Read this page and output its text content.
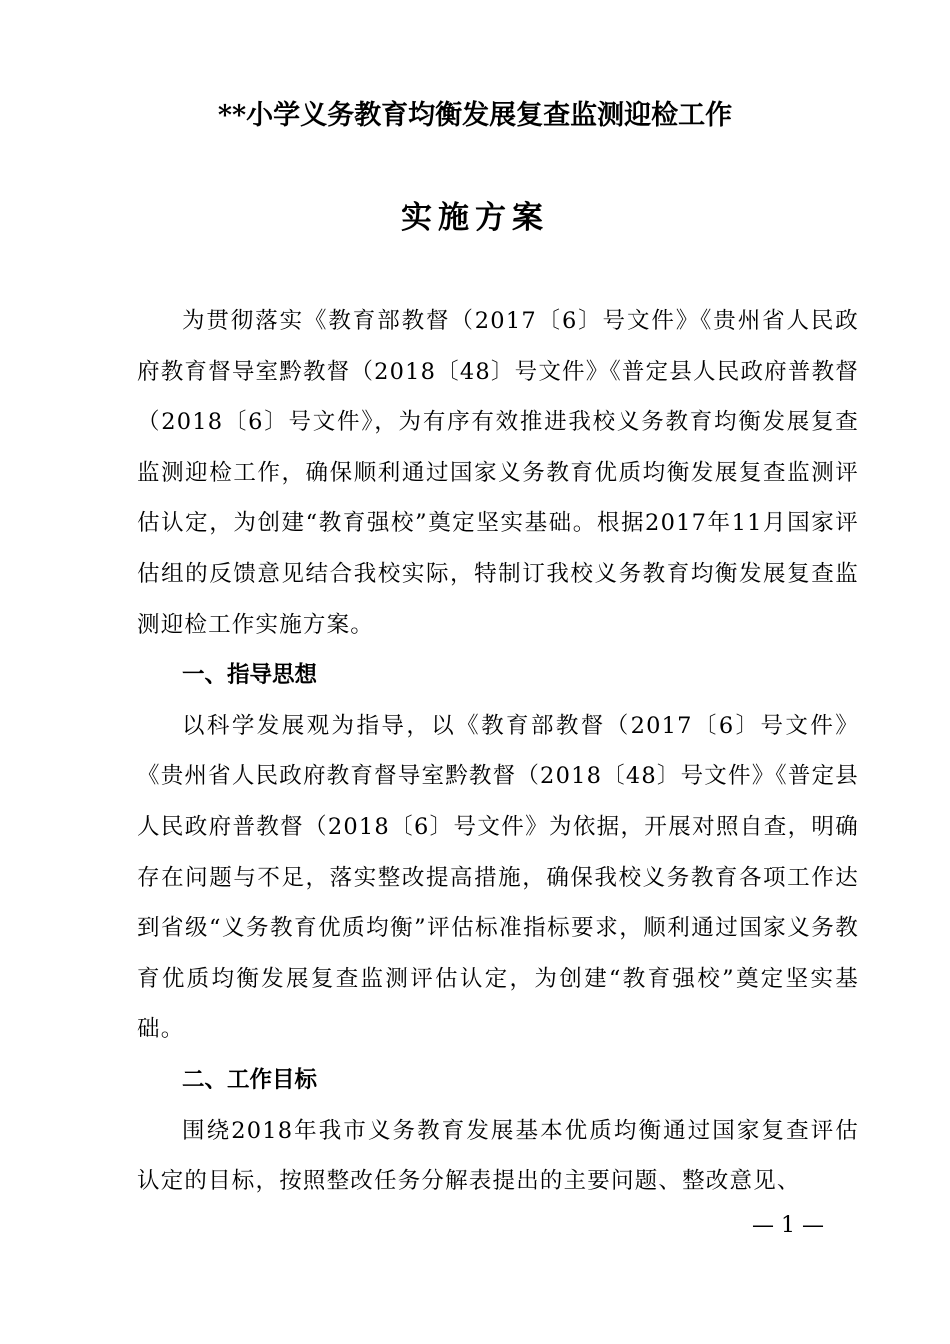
**小学义务教育均衡发展复查监测迎检工作
实施方案

为贯彻落实《教育部教督（2017〔6〕号文件》《贵州省人民政府教育督导室黔教督（2018〔48〕号文件》《普定县人民政府普教督（2018〔6〕号文件》，为有序有效推进我校义务教育均衡发展复查监测迎检工作，确保顺利通过国家义务教育优质均衡发展复查监测评估认定，为创建“教育强校”奠定坚实基础。根据2017年11月国家评估组的反馈意见结合我校实际，特制订我校义务教育均衡发展复查监测迎检工作实施方案。

一、指导思想

以科学发展观为指导，以《教育部教督（2017〔6〕号文件》《贵州省人民政府教育督导室黔教督（2018〔48〕号文件》《普定县人民政府普教督（2018〔6〕号文件》为依据，开展对照自查，明确存在问题与不足，落实整改提高措施，确保我校义务教育各项工作达到省级“义务教育优质均衡”评估标准指标要求，顺利通过国家义务教育优质均衡发展复查监测评估认定，为创建“教育强校”奠定坚实基础。

二、工作目标

围绕2018年我市义务教育发展基本优质均衡通过国家复查评估认定的目标，按照整改任务分解表提出的主要问题、整改意见、

— 1 —
